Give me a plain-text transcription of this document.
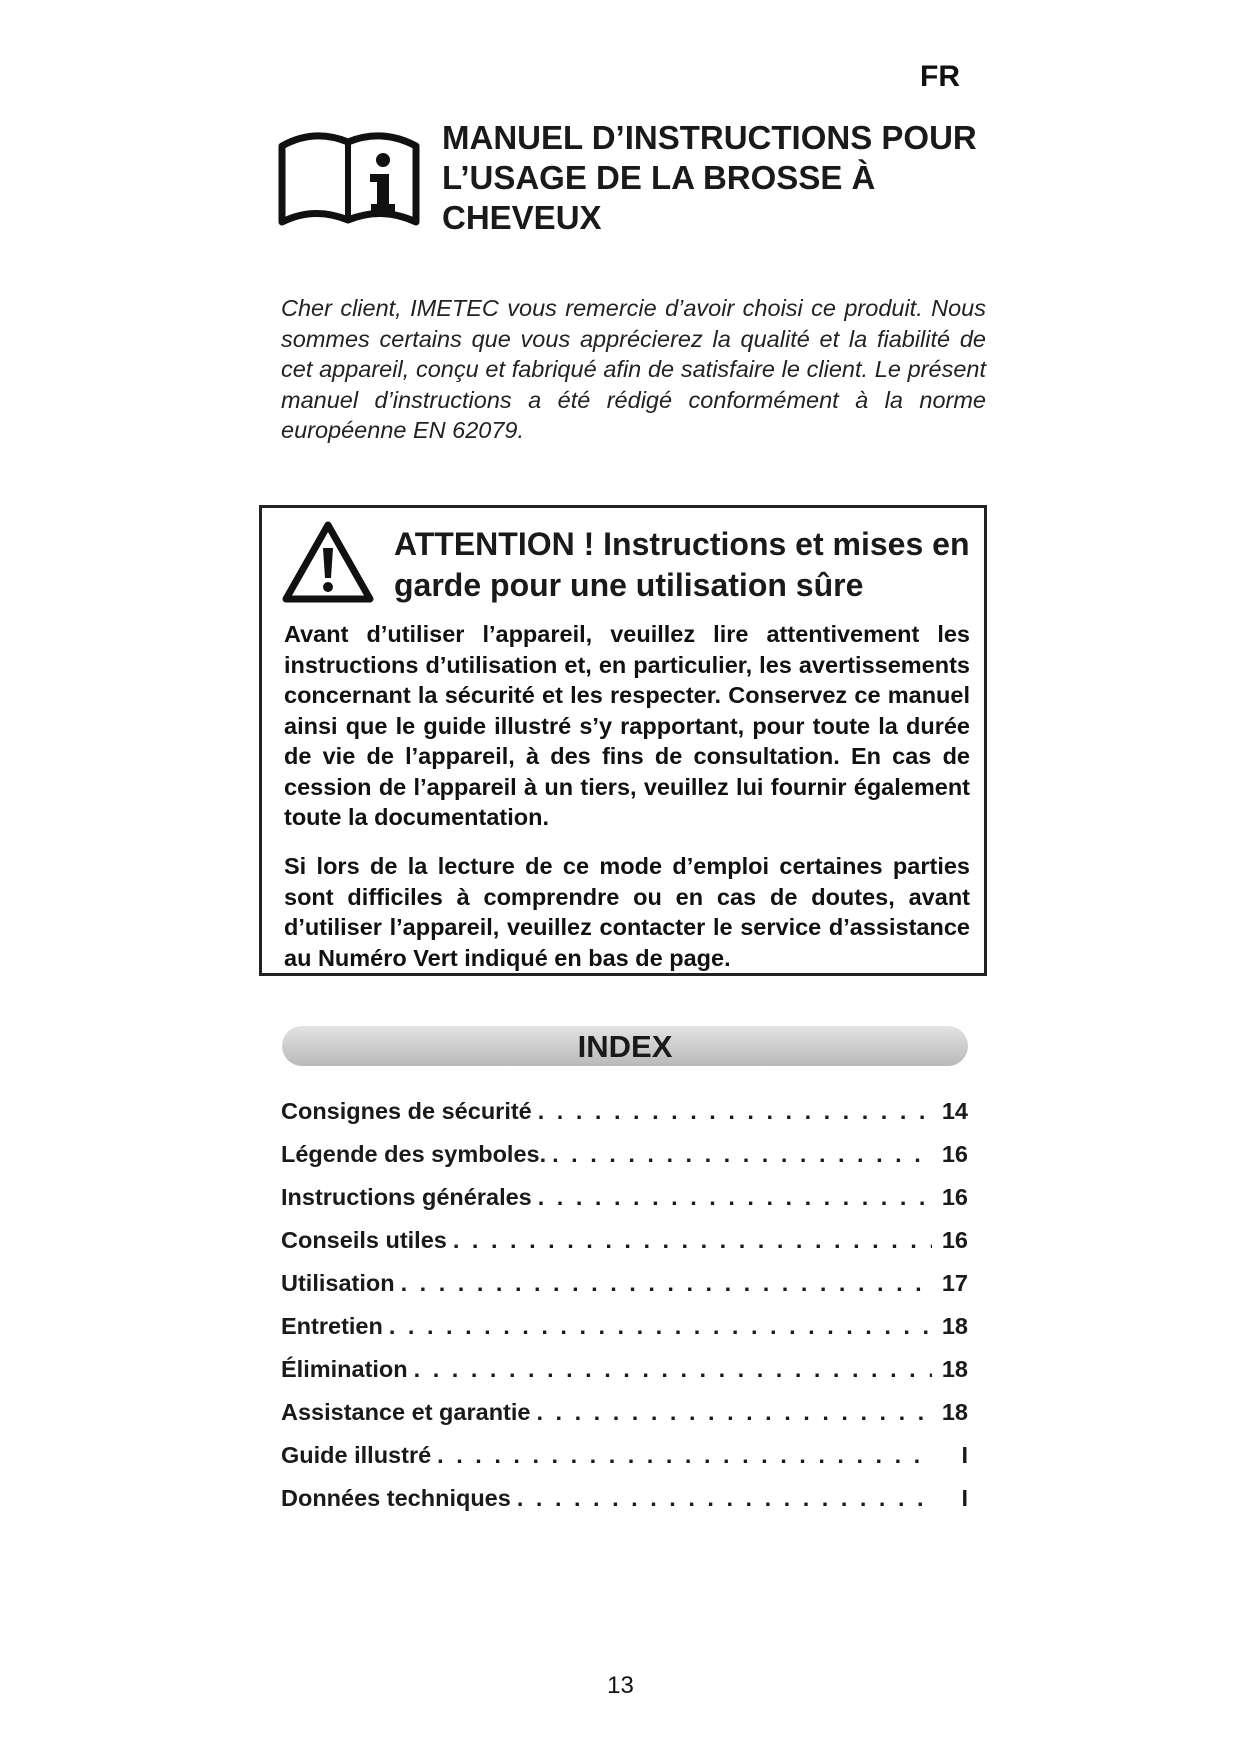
FR
MANUEL D’INSTRUCTIONS POUR L’USAGE DE LA BROSSE À CHEVEUX
Cher client, IMETEC vous remercie d’avoir choisi ce produit. Nous sommes certains que vous apprécierez la qualité et la fiabilité de cet appareil, conçu et fabriqué afin de satisfaire le client. Le présent manuel d’instructions a été rédigé conformément à la norme européenne EN 62079.
ATTENTION ! Instructions et mises en garde pour une utilisation sûre
Avant d’utiliser l’appareil, veuillez lire attentivement les instructions d’utilisation et, en particulier, les avertissements concernant la sécurité et les respecter. Conservez ce manuel ainsi que le guide illustré s’y rapportant, pour toute la durée de vie de l’appareil, à des fins de consultation. En cas de cession de l’appareil à un tiers, veuillez lui fournir également toute la documentation.
Si lors de la lecture de ce mode d’emploi certaines parties sont difficiles à comprendre ou en cas de doutes, avant d’utiliser l’appareil, veuillez contacter le service d’assistance au Numéro Vert indiqué en bas de page.
INDEX
Consignes de sécurité . . .	14
Légende des symboles. . . .	16
Instructions générales . . .	16
Conseils utiles . . .	16
Utilisation . . .	17
Entretien . . .	18
Élimination . . .	18
Assistance et garantie . . .	18
Guide illustré . . .	I
Données techniques . . .	I
13
